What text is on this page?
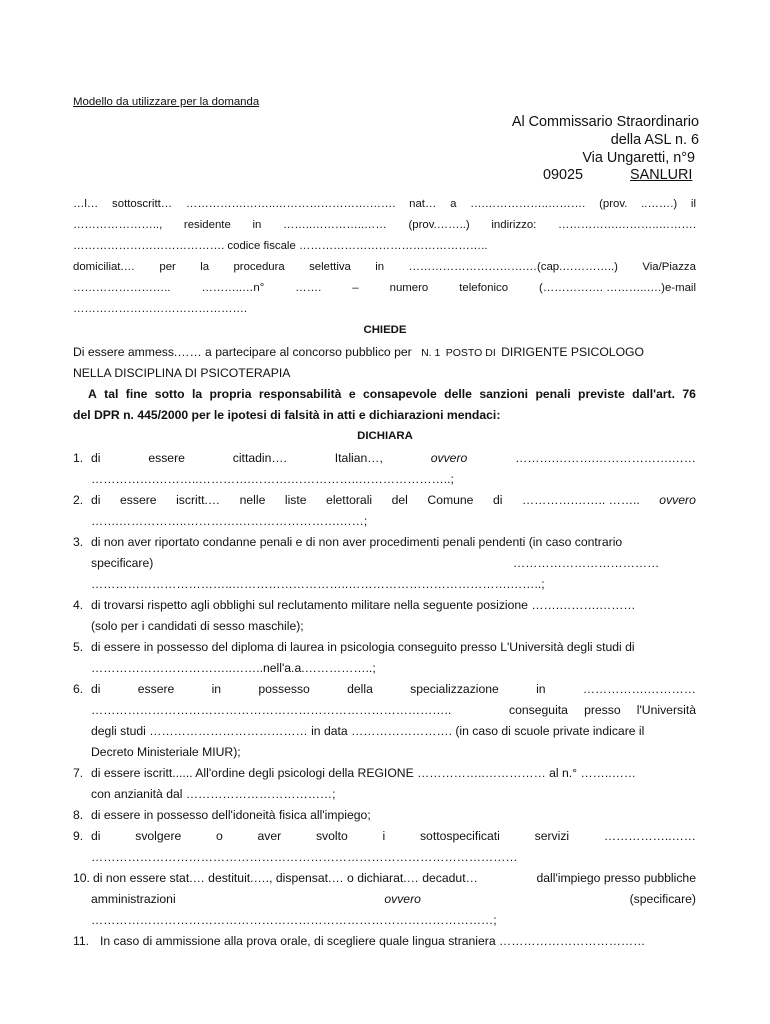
Modello da utilizzare per la domanda
Al Commissario Straordinario
della ASL n. 6
Via Ungaretti, n°9
09025	SANLURI
…l… sottoscritt… …………….……..…………………….……. nat… a ….……………..………. (prov. ..…….) il
………………….., residente in ……..…………..…… (prov.……..) indirizzo: …………….………..……….
…………………………………. codice fiscale …………………………………………..
domiciliat.… per la procedura selettiva in ………………………….…(cap.…………..) Via/Piazza
……………………..	………..…n°	…….	–	numero	telefonico	(……………. ………..….)e-mail
……………………………………….
CHIEDE
Di essere ammess.…… a partecipare al concorso pubblico per N. 1 POSTO DI DIRIGENTE PSICOLOGO
NELLA DISCIPLINA DI PSICOTERAPIA
A tal fine sotto la propria responsabilità e consapevole delle sanzioni penali previste dall'art. 76
del DPR n. 445/2000 per le ipotesi di falsità in atti e dichiarazioni mendaci:
DICHIARA
1. di	essere	cittadin….	Italian…,	ovvero	……….……….……………….……
…………….………..………….……….……………..…………………..;
2. di essere iscritt.… nelle liste elettorali del Comune di ………….…….. …….. ovvero
…….……………..………….…………………….……;
3. di non aver riportato condanne penali e di non aver procedimenti penali pendenti (in caso contrario
specificare)	………………………………
……………………………..………………………..………………………………….……..;
4. di trovarsi rispetto agli obblighi sul reclutamento militare nella seguente posizione …….……….………
(solo per i candidati di sesso maschile);
5. di essere in possesso del diploma di laurea in psicologia conseguito presso L'Università degli studi di
……………………………..……..nell'a.a.……………..;
6. di	essere	in	possesso	della	specializzazione	in	…………….…………
……………………………………………………………………………..	conseguita presso l'Università
degli studi ………………………………… in data ……………………. (in caso di scuole private indicare il
Decreto Ministeriale MIUR);
7. di essere iscritt...... All'ordine degli psicologi della REGIONE ……………..…………… al n.° ……..……
con anzianità dal ………………………………;
8. di essere in possesso dell'idoneità fisica all'impiego;
9. di	svolgere	o	aver	svolto	i	sottospecificati	servizi	……………..……
……………………………………………………………………………………………
10. di non essere stat.… destituit.…., dispensat.… o dichiarat.… decadut…	dall'impiego presso pubbliche
amministrazioni	ovvero	(specificare)
………………………………………………………………………………………;
11. In caso di ammissione alla prova orale, di scegliere quale lingua straniera ………………………………
